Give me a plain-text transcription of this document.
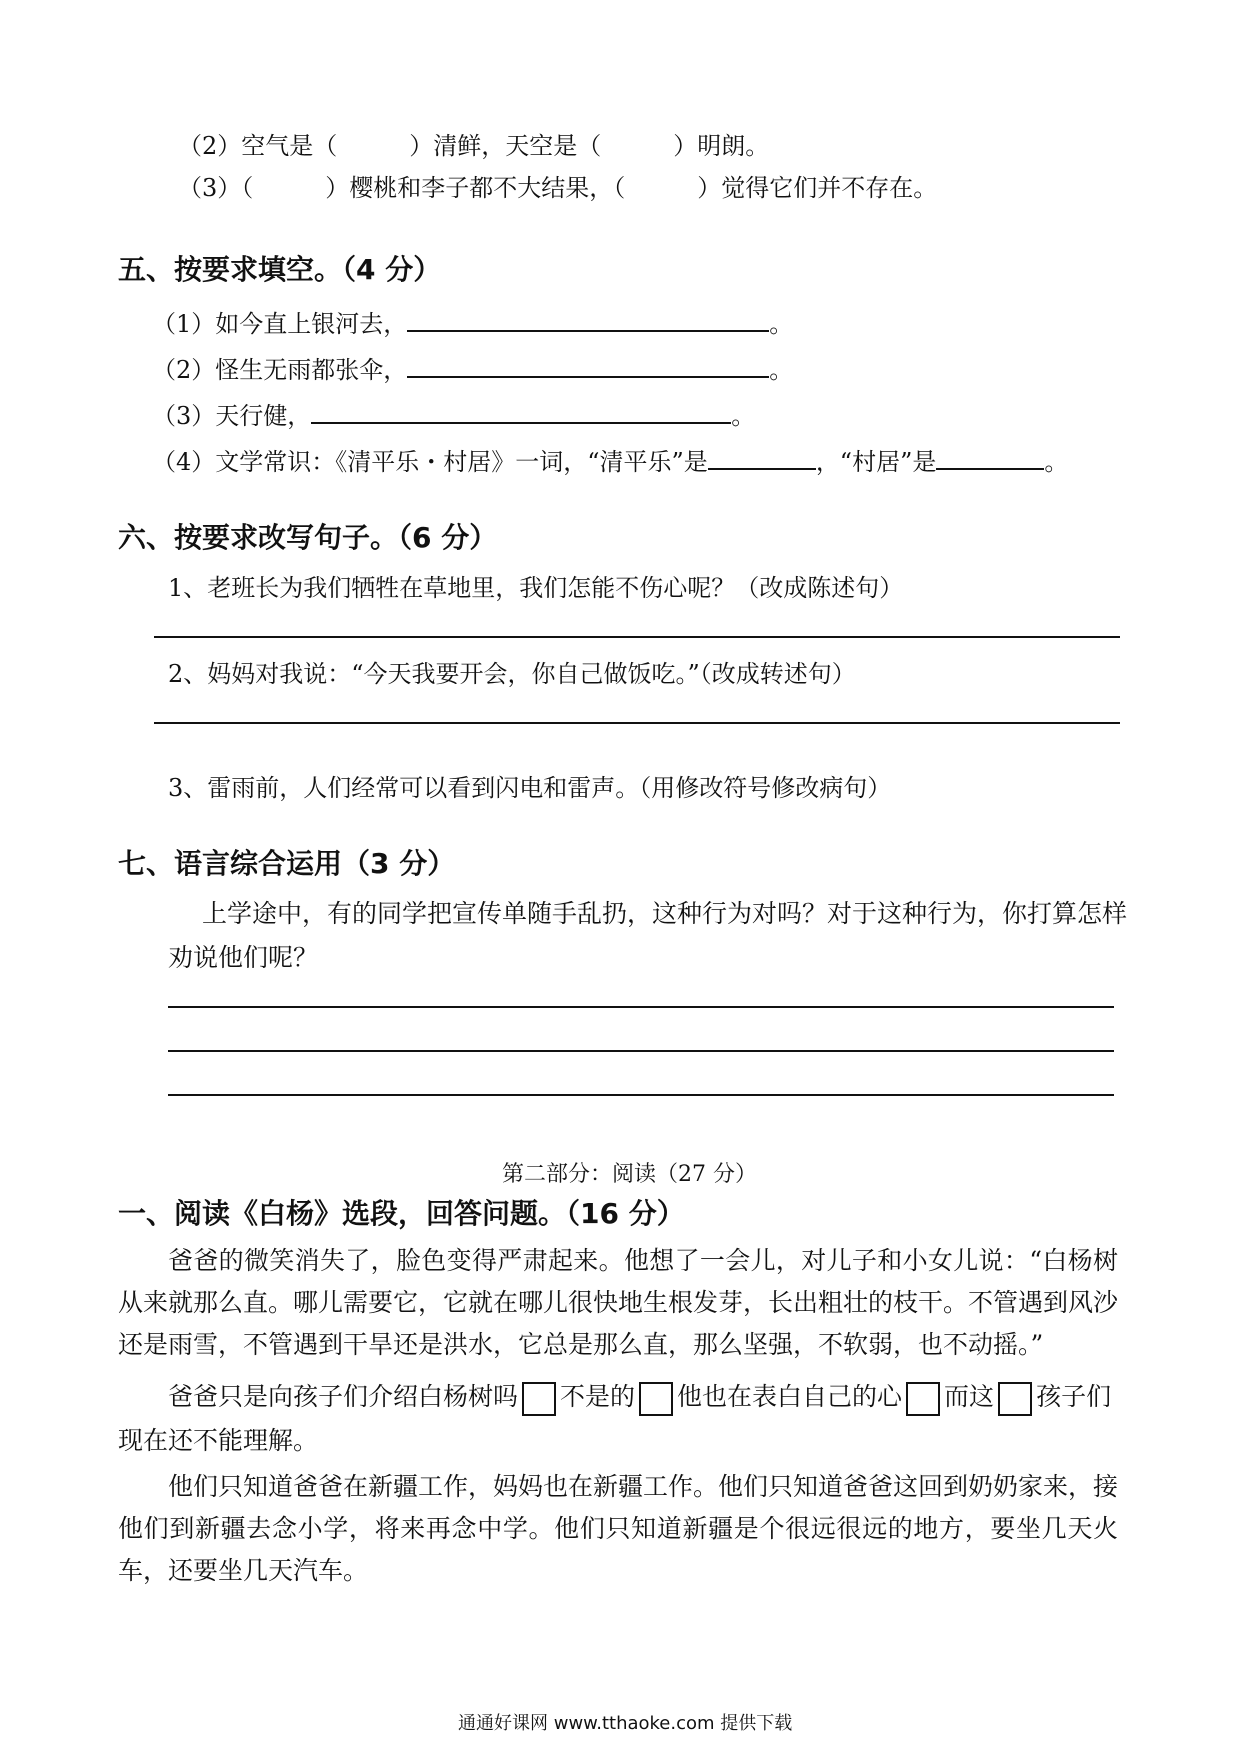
（2）空气是（　　　）清鲜，天空是（　　　）明朗。
（3）（　　　）樱桃和李子都不大结果，（　　　）觉得它们并不存在。
五、按要求填空。（4 分）
（1）如今直上银河去，	。
（2）怪生无雨都张伞，	。
（3）天行健，	。
（4）文学常识：《清平乐・村居》一词，“清平乐”是	，“村居”是	。
六、按要求改写句子。（6 分）
1、老班长为我们牺牲在草地里，我们怎能不伤心呢？（改成陈述句）
2、妈妈对我说：“今天我要开会，你自己做饭吃。”（改成转述句）
3、雷雨前，人们经常可以看到闪电和雷声。（用修改符号修改病句）
七、语言综合运用（3 分）
上学途中，有的同学把宣传单随手乱扔，这种行为对吗？对于这种行为，你打算怎样
劝说他们呢？
第二部分：阅读（27 分）
一、阅读《白杨》选段，回答问题。（16 分）
爸爸的微笑消失了，脸色变得严肃起来。他想了一会儿，对儿子和小女儿说：“白杨树从来就那么直。哪儿需要它，它就在哪儿很快地生根发芽，长出粗壮的枝干。不管遇到风沙还是雨雪，不管遇到干旱还是洪水，它总是那么直，那么坚强，不软弱，也不动摇。”
爸爸只是向孩子们介绍白杨树吗 不是的 他也在表白自己的心 而这 孩子们
现在还不能理解。
他们只知道爸爸在新疆工作，妈妈也在新疆工作。他们只知道爸爸这回到奶奶家来，接他们到新疆去念小学，将来再念中学。他们只知道新疆是个很远很远的地方，要坐几天火车，还要坐几天汽车。
通通好课网 www.tthaoke.com 提供下载
